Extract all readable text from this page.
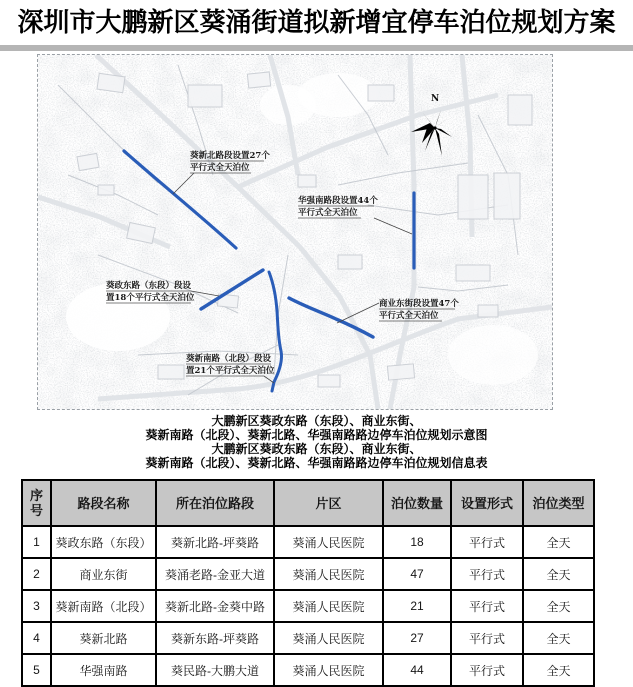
深圳市大鹏新区葵涌街道拟新增宜停车泊位规划方案
葵新北路段设置27个
平行式全天泊位
华强南路段设置44个
平行式全天泊位
葵政东路（东段）段设
置18个平行式全天泊位
商业东街段设置47个
平行式全天泊位
葵新南路（北段）段设
置21个平行式全天泊位
N
大鹏新区葵政东路（东段）、商业东街、
葵新南路（北段）、葵新北路、华强南路路边停车泊位规划示意图
大鹏新区葵政东路（东段）、商业东街、
葵新南路（北段）、葵新北路、华强南路路边停车泊位规划信息表
序号	路段名称	所在泊位路段	片区	泊位数量	设置形式	泊位类型
1	葵政东路（东段）	葵新北路-坪葵路	葵涌人民医院	18	平行式	全天
2	商业东街	葵涌老路-金亚大道	葵涌人民医院	47	平行式	全天
3	葵新南路（北段）	葵新北路-金葵中路	葵涌人民医院	21	平行式	全天
4	葵新北路	葵新东路-坪葵路	葵涌人民医院	27	平行式	全天
5	华强南路	葵民路-大鹏大道	葵涌人民医院	44	平行式	全天
